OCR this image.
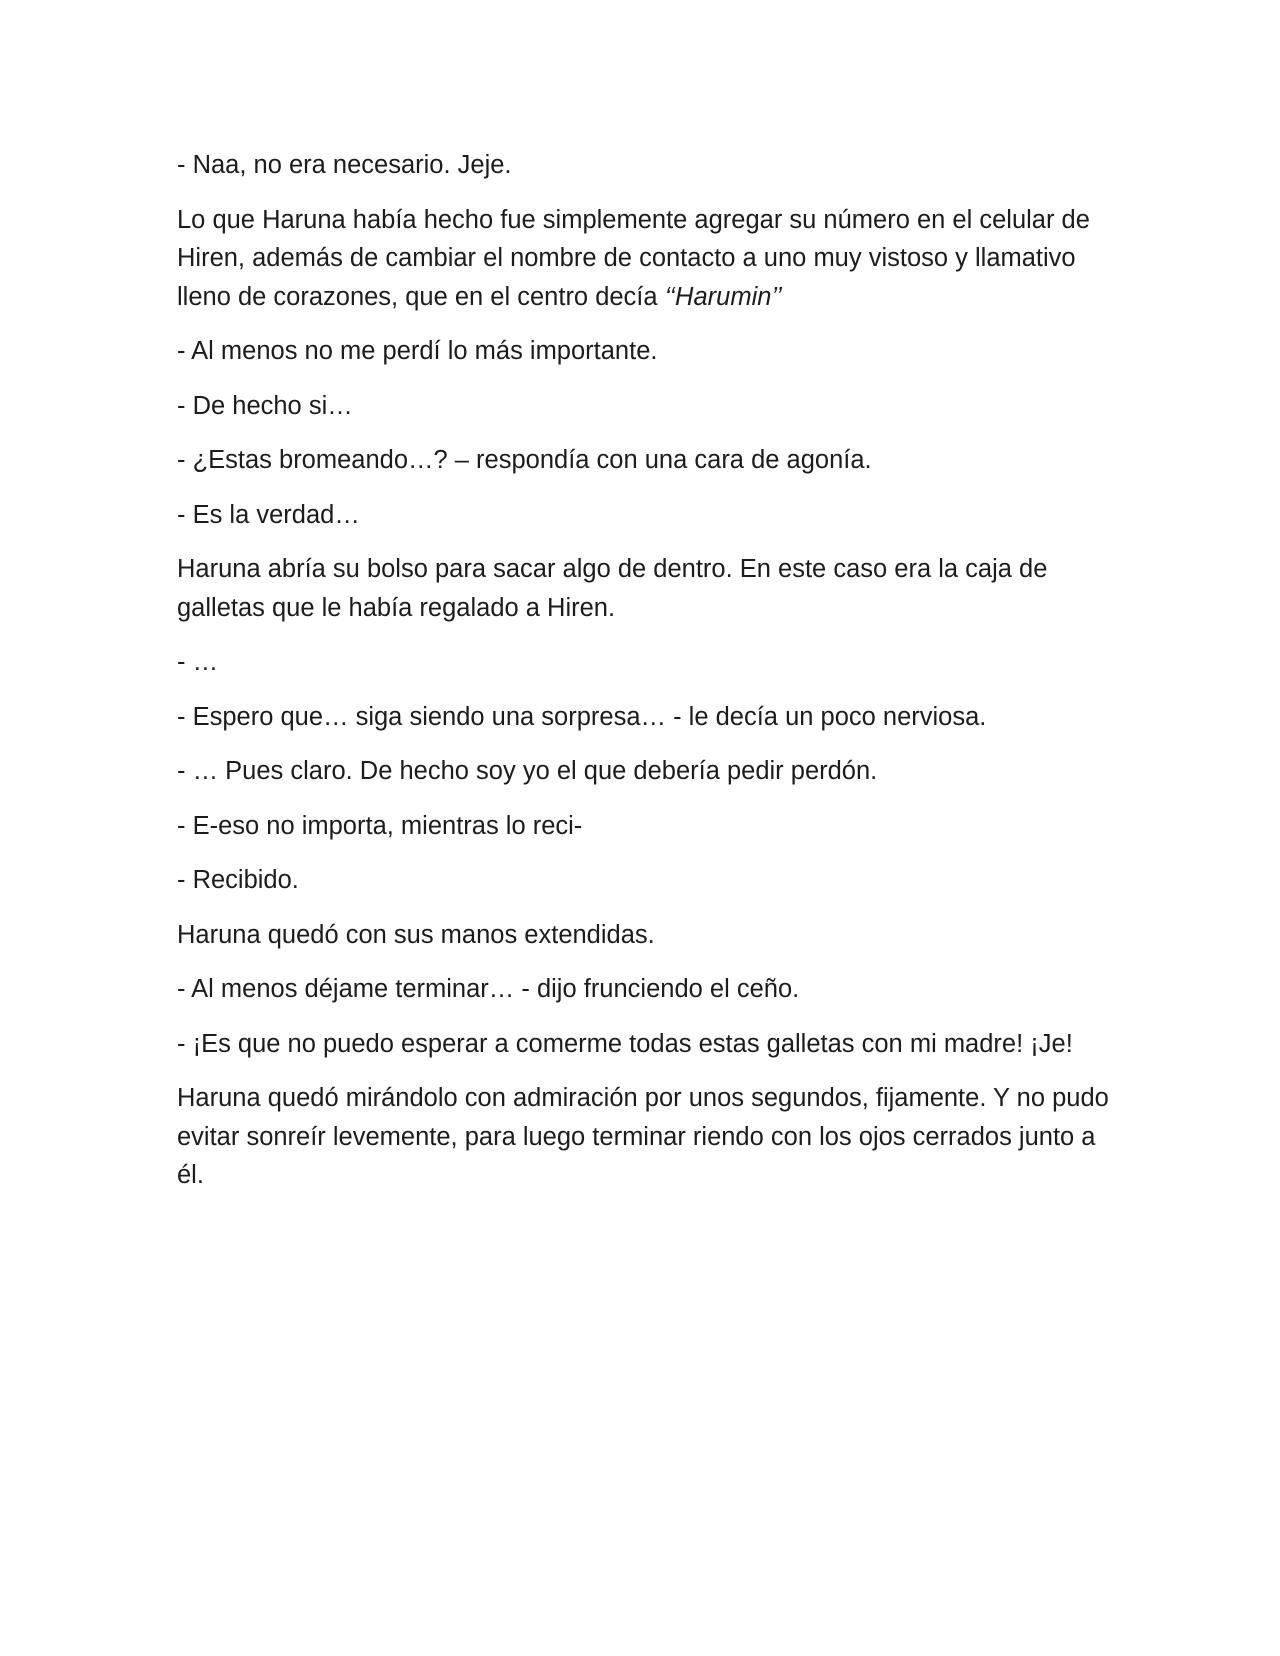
- Naa, no era necesario. Jeje.

Lo que Haruna había hecho fue simplemente agregar su número en el celular de Hiren, además de cambiar el nombre de contacto a uno muy vistoso y llamativo lleno de corazones, que en el centro decía ‘‘Harumin’’

- Al menos no me perdí lo más importante.

- De hecho si…

- ¿Estas bromeando…? – respondía con una cara de agonía.

- Es la verdad…

Haruna abría su bolso para sacar algo de dentro. En este caso era la caja de galletas que le había regalado a Hiren.

- …

- Espero que… siga siendo una sorpresa… - le decía un poco nerviosa.

- … Pues claro. De hecho soy yo el que debería pedir perdón.

- E-eso no importa, mientras lo reci-

- Recibido.

Haruna quedó con sus manos extendidas.

- Al menos déjame terminar… - dijo frunciendo el ceño.

- ¡Es que no puedo esperar a comerme todas estas galletas con mi madre! ¡Je!

Haruna quedó mirándolo con admiración por unos segundos, fijamente. Y no pudo evitar sonreír levemente, para luego terminar riendo con los ojos cerrados junto a él.
